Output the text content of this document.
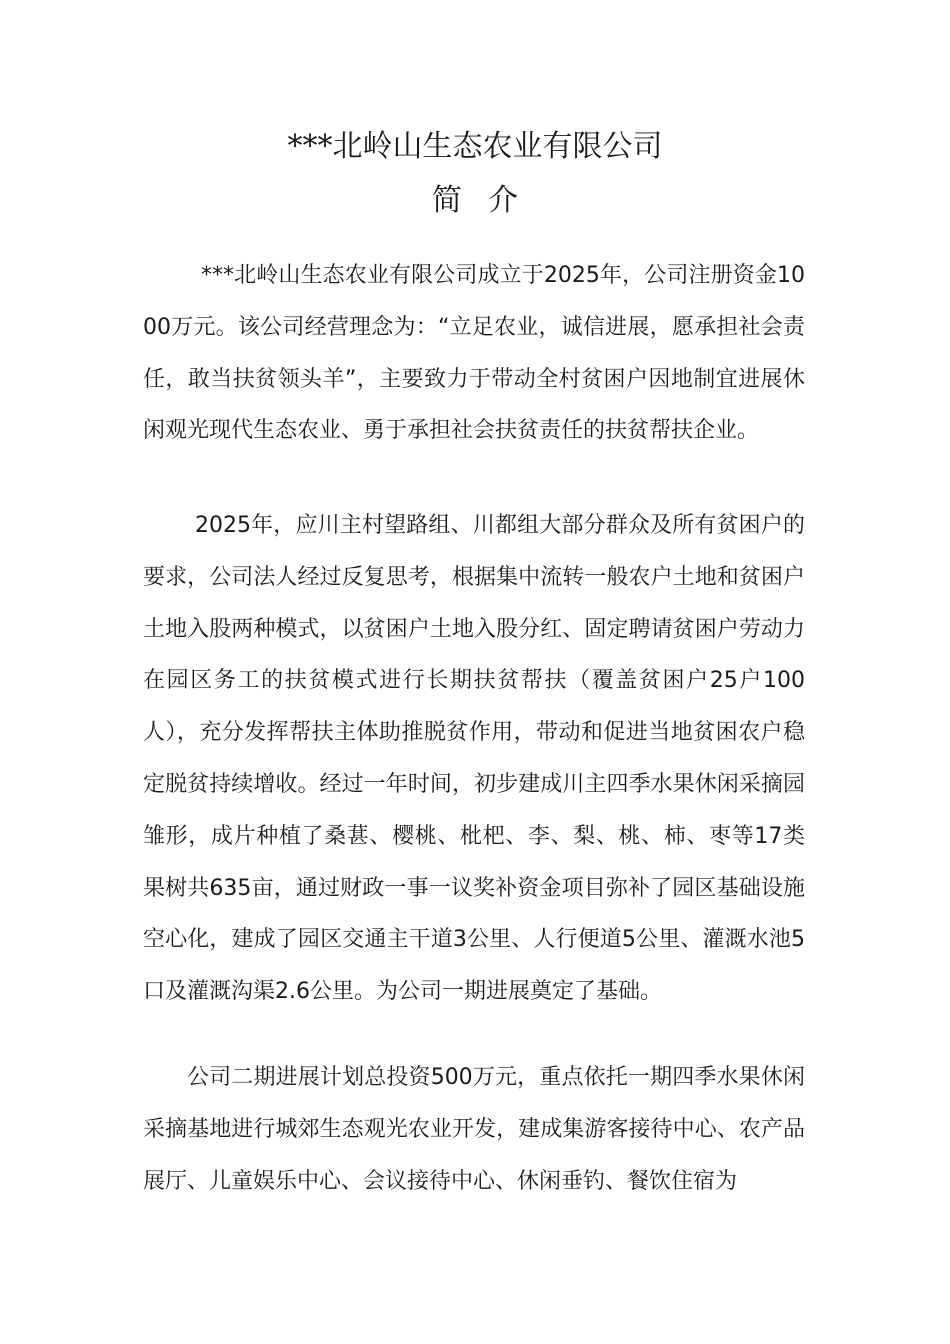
***北岭山生态农业有限公司
简介
***北岭山生态农业有限公司成立于2025年，公司注册资金1000万元。该公司经营理念为：“立足农业，诚信进展，愿承担社会责任，敢当扶贫领头羊”，主要致力于带动全村贫困户因地制宜进展休闲观光现代生态农业、勇于承担社会扶贫责任的扶贫帮扶企业。
2025年，应川主村望路组、川都组大部分群众及所有贫困户的要求，公司法人经过反复思考，根据集中流转一般农户土地和贫困户土地入股两种模式，以贫困户土地入股分红、固定聘请贫困户劳动力在园区务工的扶贫模式进行长期扶贫帮扶（覆盖贫困户25户100人），充分发挥帮扶主体助推脱贫作用，带动和促进当地贫困农户稳定脱贫持续增收。经过一年时间，初步建成川主四季水果休闲采摘园雏形，成片种植了桑葚、樱桃、枇杷、李、梨、桃、柿、枣等17类果树共635亩，通过财政一事一议奖补资金项目弥补了园区基础设施空心化，建成了园区交通主干道3公里、人行便道5公里、灌溉水池5口及灌溉沟渠2.6公里。为公司一期进展奠定了基础。
公司二期进展计划总投资500万元，重点依托一期四季水果休闲采摘基地进行城郊生态观光农业开发，建成集游客接待中心、农产品展厅、儿童娱乐中心、会议接待中心、休闲垂钓、餐饮住宿为
